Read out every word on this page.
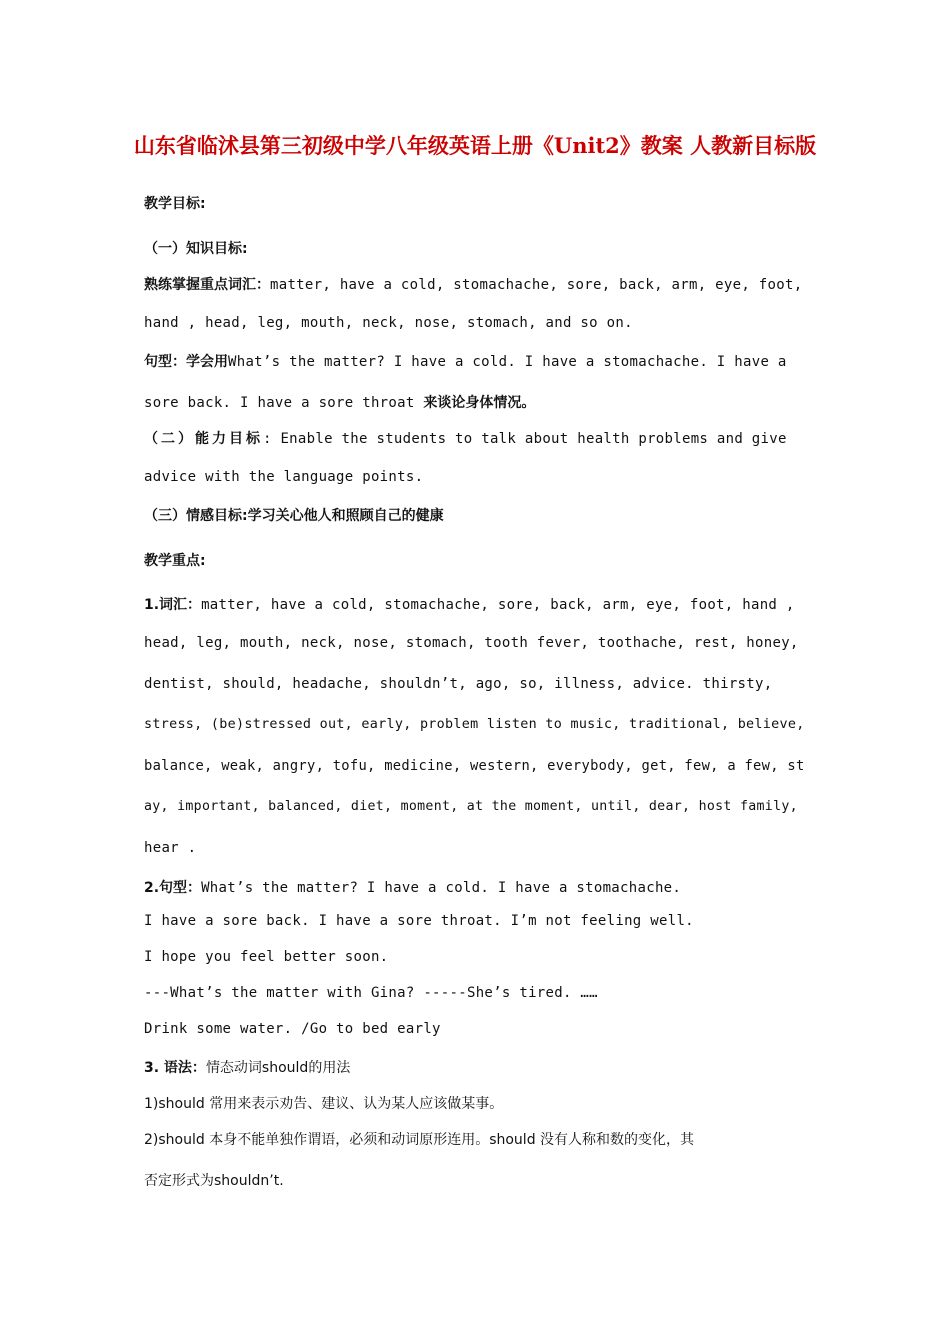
山东省临沭县第三初级中学八年级英语上册《Unit2》教案 人教新目标版
教学目标:
（一）知识目标:
熟练掌握重点词汇：matter, have a cold, stomachache, sore, back, arm, eye, foot,
hand , head, leg, mouth, neck, nose, stomach, and so on.
句型：学会用What’s the matter? I have a cold. I have a stomachache. I have a
sore back. I have a sore throat 来谈论身体情况。
（二）能力目标: Enable the students to talk about health problems and give
advice with the language points.
（三）情感目标:学习关心他人和照顾自己的健康
教学重点:
1.词汇：matter, have a cold, stomachache, sore, back, arm, eye, foot, hand ,
head, leg, mouth, neck, nose, stomach, tooth fever, toothache, rest, honey,
dentist, should, headache, shouldn’t, ago, so, illness, advice. thirsty,
stress, (be)stressed out, early, problem listen to music, traditional, believe,
balance, weak, angry, tofu, medicine, western, everybody, get, few, a few, st
ay, important, balanced, diet, moment, at the moment, until, dear, host family,
hear .
2.句型：What’s the matter? I have a cold. I have a stomachache.
I have a sore back. I have a sore throat. I’m not feeling well.
I hope you feel better soon.
---What’s the matter with Gina? -----She’s tired. ……
Drink some water. /Go to bed early
3. 语法：情态动词should的用法
1)should 常用来表示劝告、建议、认为某人应该做某事。
2)should 本身不能单独作谓语，必须和动词原形连用。should 没有人称和数的变化，其
否定形式为shouldn’t.
